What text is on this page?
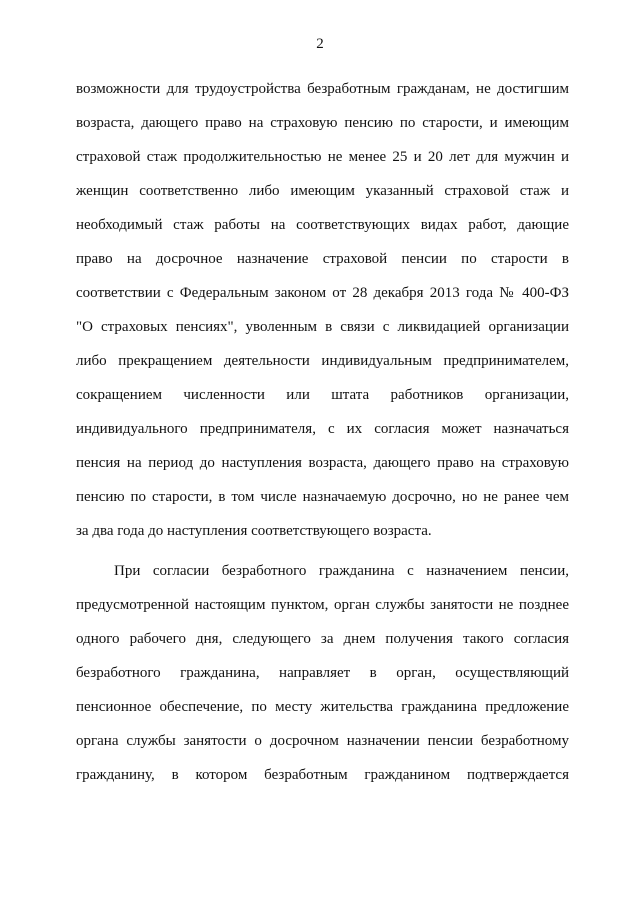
2
возможности для трудоустройства безработным гражданам, не достигшим
возраста, дающего право на страховую пенсию по старости, и имеющим
страховой стаж продолжительностью не менее 25 и 20 лет для мужчин и
женщин соответственно либо имеющим указанный страховой стаж и
необходимый стаж работы на соответствующих видах работ, дающие
право на досрочное назначение страховой пенсии по старости в
соответствии с Федеральным законом от 28 декабря 2013 года № 400-ФЗ
"О страховых пенсиях", уволенным в связи с ликвидацией организации
либо прекращением деятельности индивидуальным предпринимателем,
сокращением численности или штата работников организации,
индивидуального предпринимателя, с их согласия может назначаться
пенсия на период до наступления возраста, дающего право на страховую
пенсию по старости, в том числе назначаемую досрочно, но не ранее чем
за два года до наступления соответствующего возраста.
При согласии безработного гражданина с назначением пенсии,
предусмотренной настоящим пунктом, орган службы занятости не позднее
одного рабочего дня, следующего за днем получения такого согласия
безработного гражданина, направляет в орган, осуществляющий
пенсионное обеспечение, по месту жительства гражданина предложение
органа службы занятости о досрочном назначении пенсии безработному
гражданину, в котором безработным гражданином подтверждается
